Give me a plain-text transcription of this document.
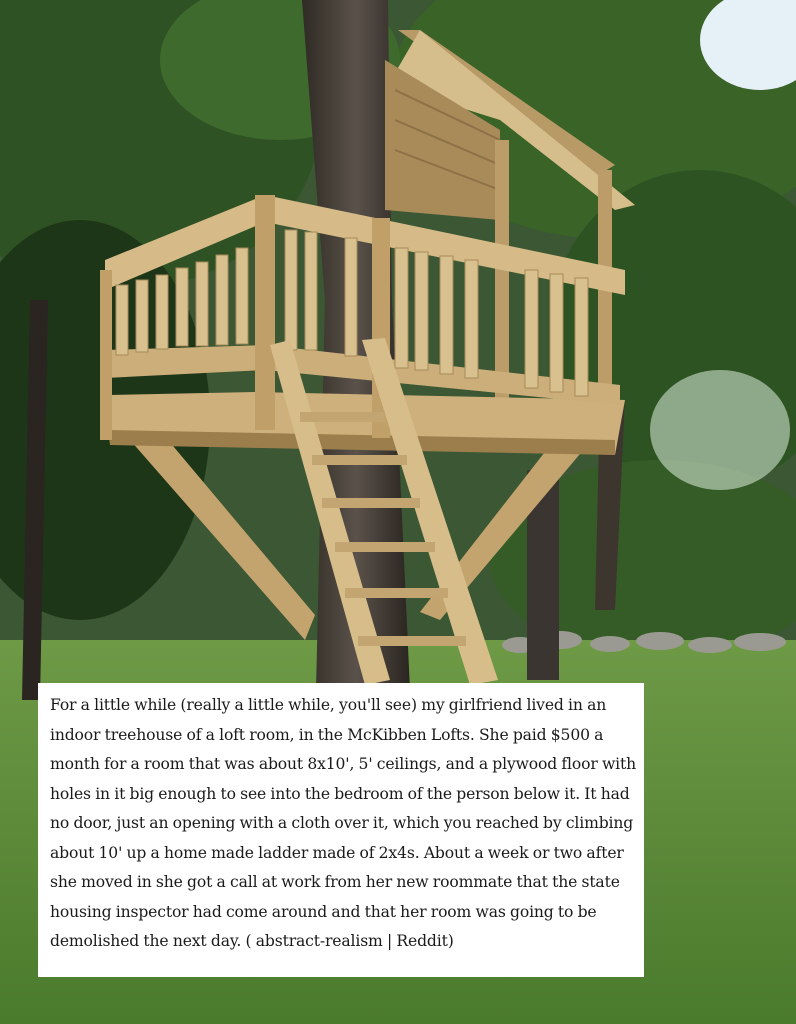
For a little while (really a little while, you'll see) my girlfriend lived in an indoor treehouse of a loft room, in the McKibben Lofts. She paid $500 a month for a room that was about 8x10', 5' ceilings, and a plywood floor with holes in it big enough to see into the bedroom of the person below it. It had no door, just an opening with a cloth over it, which you reached by climbing about 10' up a home made ladder made of 2x4s. About a week or two after she moved in she got a call at work from her new roommate that the state housing inspector had come around and that her room was going to be demolished the next day. ( abstract-realism | Reddit)
